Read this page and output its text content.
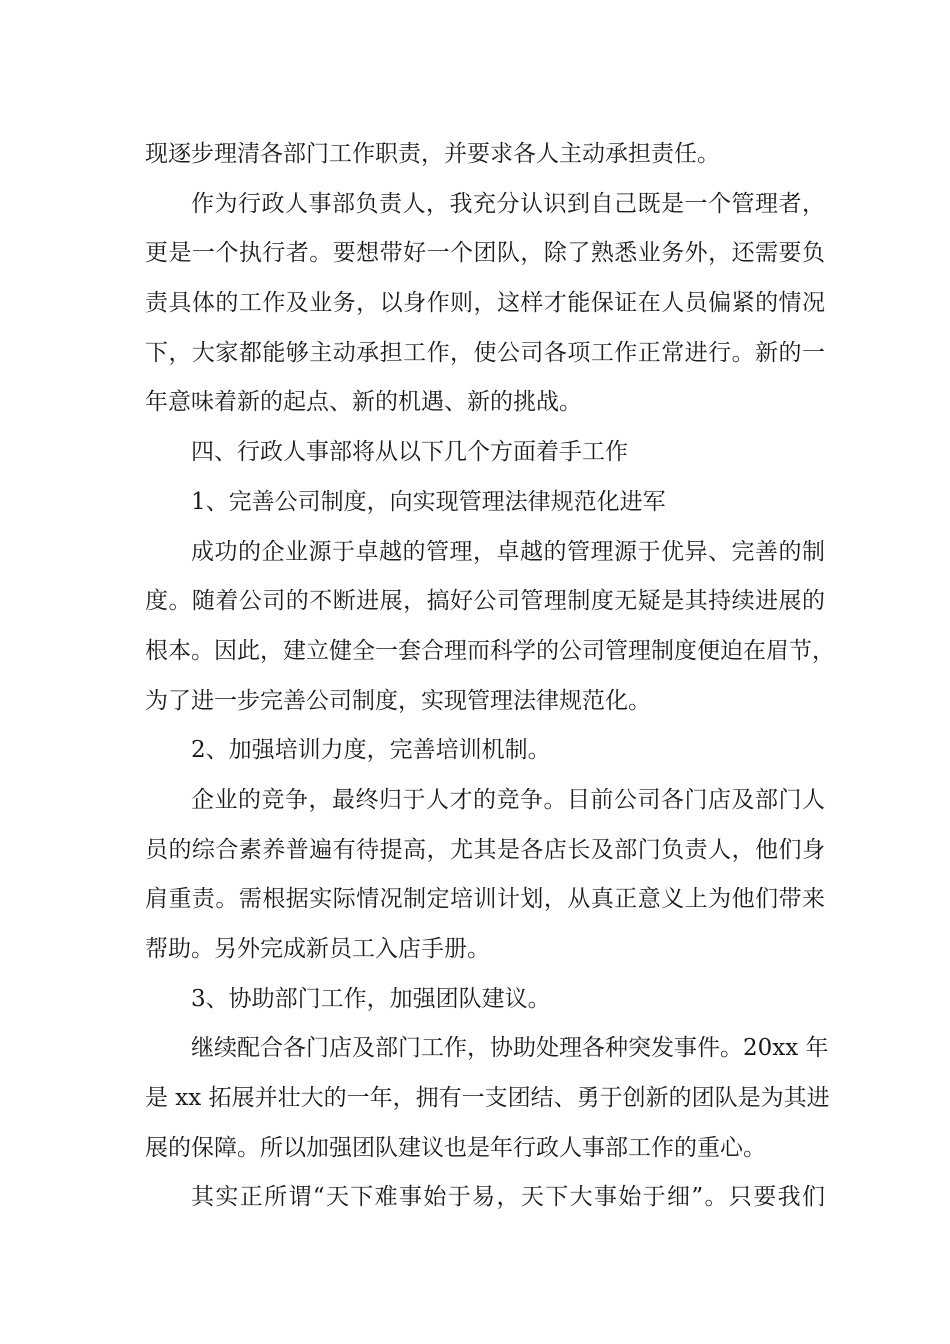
现逐步理清各部门工作职责，并要求各人主动承担责任。
作为行政人事部负责人，我充分认识到自己既是一个管理者，
更是一个执行者。要想带好一个团队，除了熟悉业务外，还需要负
责具体的工作及业务，以身作则，这样才能保证在人员偏紧的情况
下，大家都能够主动承担工作，使公司各项工作正常进行。新的一
年意味着新的起点、新的机遇、新的挑战。
四、行政人事部将从以下几个方面着手工作
1、完善公司制度，向实现管理法律规范化进军
成功的企业源于卓越的管理，卓越的管理源于优异、完善的制
度。随着公司的不断进展，搞好公司管理制度无疑是其持续进展的
根本。因此，建立健全一套合理而科学的公司管理制度便迫在眉节，
为了进一步完善公司制度，实现管理法律规范化。
2、加强培训力度，完善培训机制。
企业的竞争，最终归于人才的竞争。目前公司各门店及部门人
员的综合素养普遍有待提高，尤其是各店长及部门负责人，他们身
肩重责。需根据实际情况制定培训计划，从真正意义上为他们带来
帮助。另外完成新员工入店手册。
3、协助部门工作，加强团队建议。
继续配合各门店及部门工作，协助处理各种突发事件。20xx 年
是 xx 拓展并壮大的一年，拥有一支团结、勇于创新的团队是为其进
展的保障。所以加强团队建议也是年行政人事部工作的重心。
其实正所谓“天下难事始于易，天下大事始于细”。只要我们
